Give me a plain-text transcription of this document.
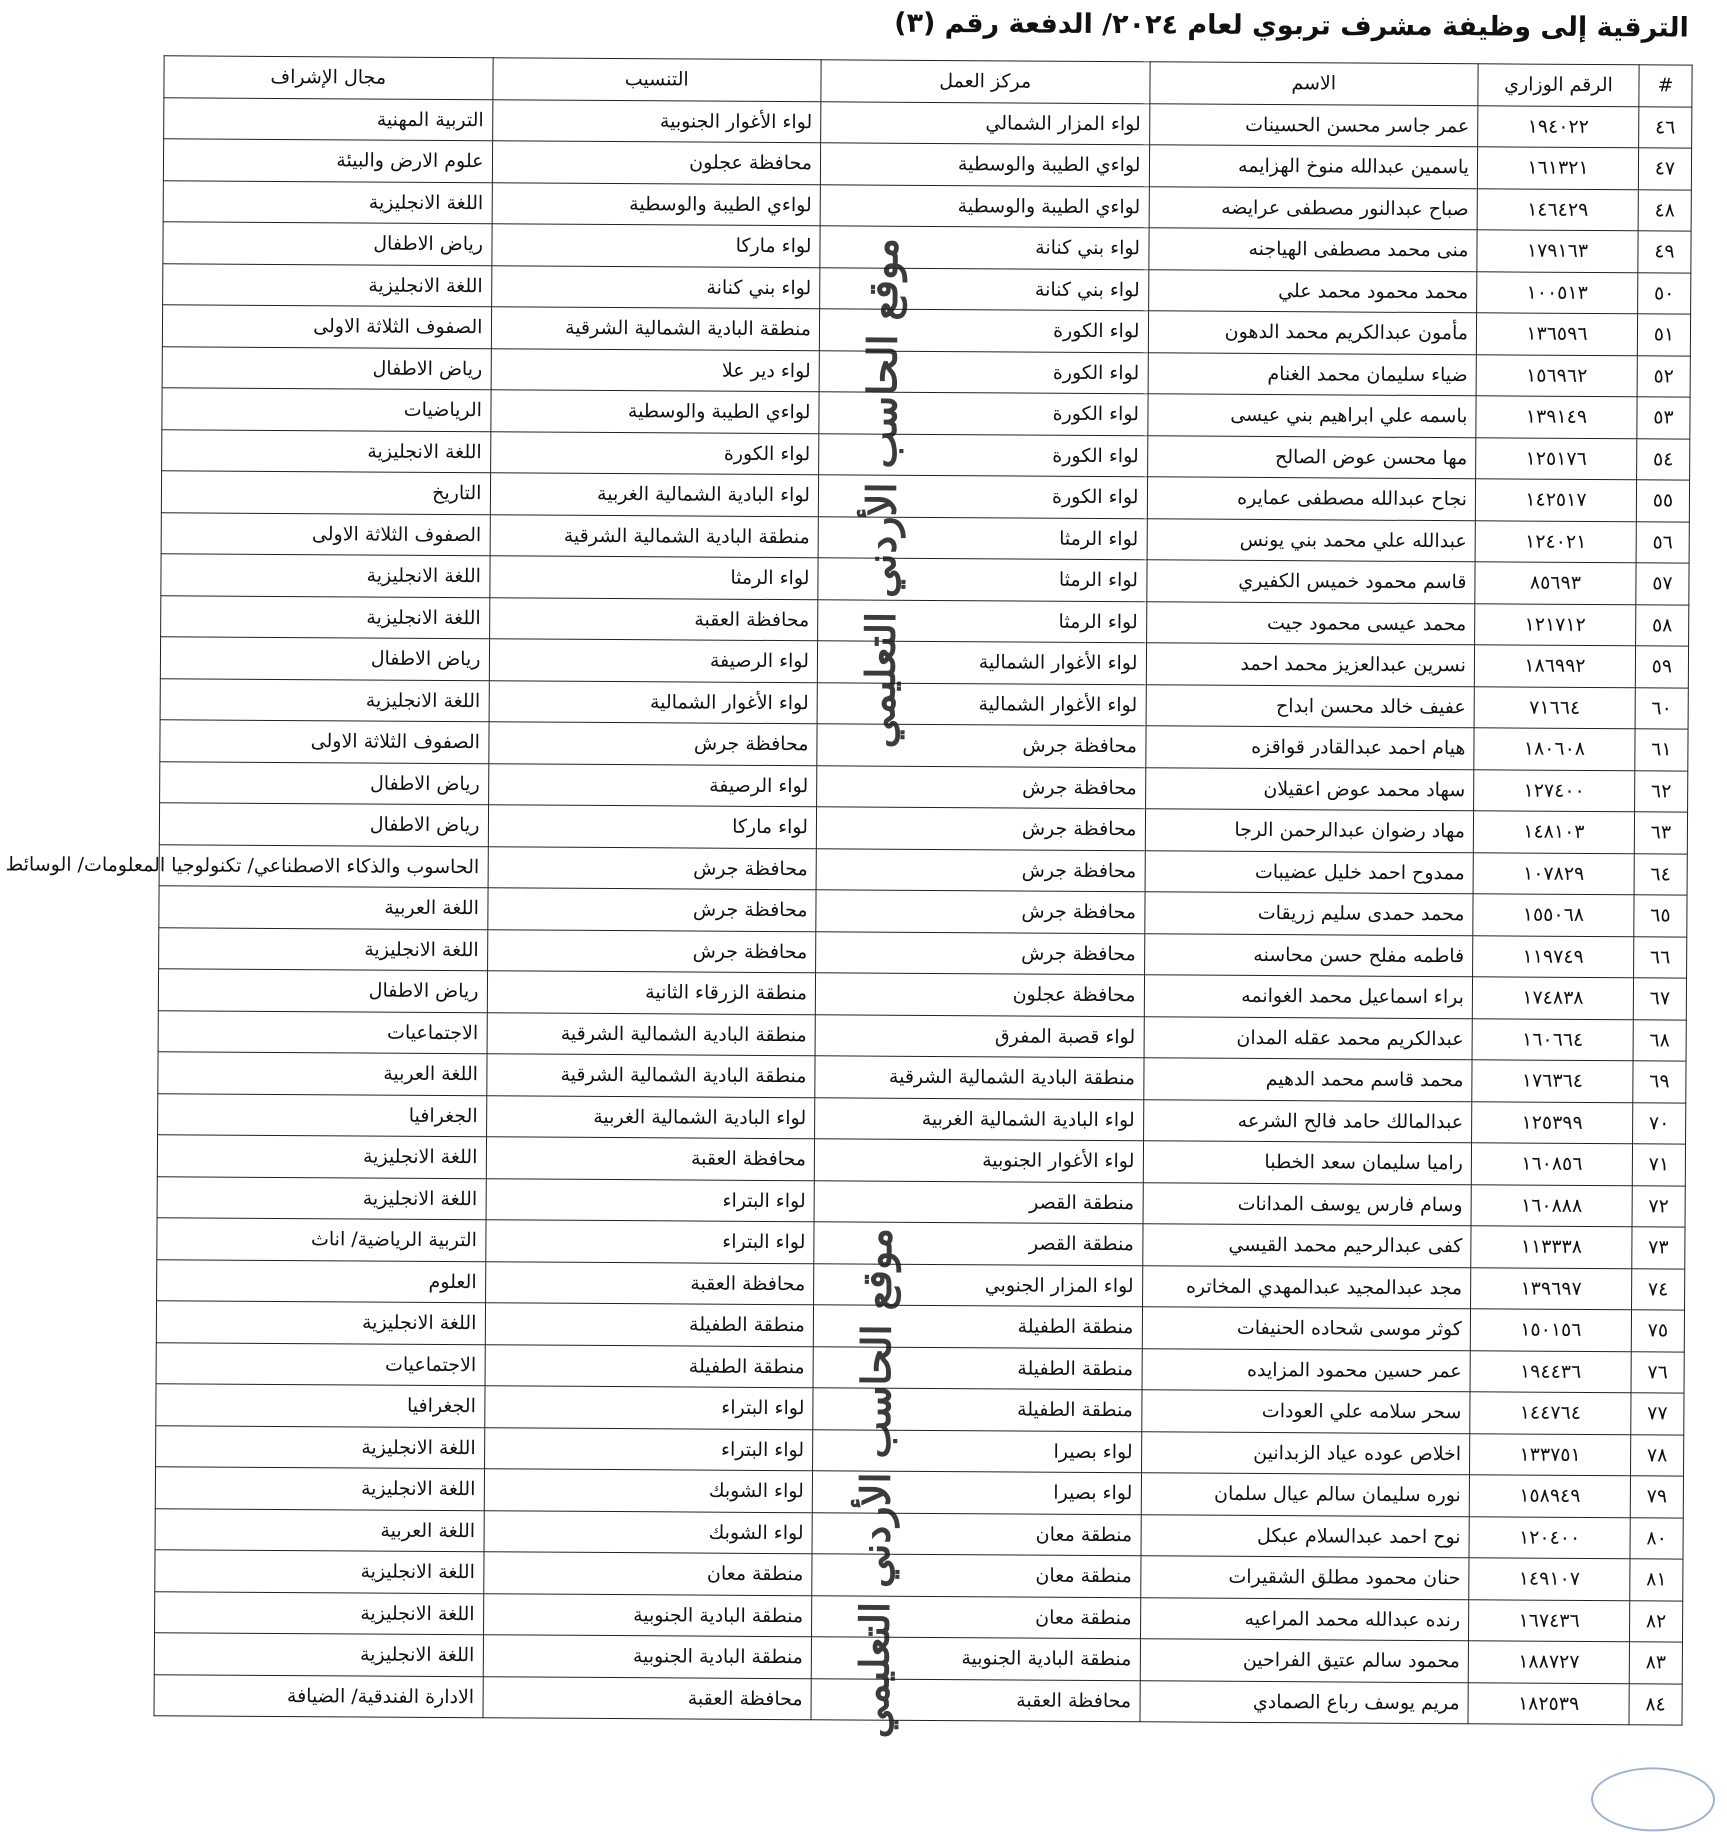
الترقية إلى وظيفة مشرف تربوي لعام ٢٠٢٤/ الدفعة رقم (٣)
#	الرقم الوزاري	الاسم	مركز العمل	التنسيب	مجال الإشراف
٤٦	١٩٤٠٢٢	عمر جاسر محسن الحسينات	لواء المزار الشمالي	لواء الأغوار الجنوبية	التربية المهنية
٤٧	١٦١٣٢١	ياسمين عبدالله منوخ الهزايمه	لواءي الطيبة والوسطية	محافظة عجلون	علوم الارض والبيئة
٤٨	١٤٦٤٢٩	صباح عبدالنور مصطفى عرايضه	لواءي الطيبة والوسطية	لواءي الطيبة والوسطية	اللغة الانجليزية
٤٩	١٧٩١٦٣	منى محمد مصطفى الهياجنه	لواء بني كنانة	لواء ماركا	رياض الاطفال
٥٠	١٠٠٥١٣	محمد محمود محمد علي	لواء بني كنانة	لواء بني كنانة	اللغة الانجليزية
٥١	١٣٦٥٩٦	مأمون عبدالكريم محمد الدهون	لواء الكورة	منطقة البادية الشمالية الشرقية	الصفوف الثلاثة الاولى
٥٢	١٥٦٩٦٢	ضياء سليمان محمد الغنام	لواء الكورة	لواء دير علا	رياض الاطفال
٥٣	١٣٩١٤٩	باسمه علي ابراهيم بني عيسى	لواء الكورة	لواءي الطيبة والوسطية	الرياضيات
٥٤	١٢٥١٧٦	مها محسن عوض الصالح	لواء الكورة	لواء الكورة	اللغة الانجليزية
٥٥	١٤٢٥١٧	نجاح عبدالله مصطفى عمايره	لواء الكورة	لواء البادية الشمالية الغربية	التاريخ
٥٦	١٢٤٠٢١	عبدالله علي محمد بني يونس	لواء الرمثا	منطقة البادية الشمالية الشرقية	الصفوف الثلاثة الاولى
٥٧	٨٥٦٩٣	قاسم محمود خميس الكفيري	لواء الرمثا	لواء الرمثا	اللغة الانجليزية
٥٨	١٢١٧١٢	محمد عيسى محمود جيت	لواء الرمثا	محافظة العقبة	اللغة الانجليزية
٥٩	١٨٦٩٩٢	نسرين عبدالعزيز محمد احمد	لواء الأغوار الشمالية	لواء الرصيفة	رياض الاطفال
٦٠	٧١٦٦٤	عفيف خالد محسن ابداح	لواء الأغوار الشمالية	لواء الأغوار الشمالية	اللغة الانجليزية
٦١	١٨٠٦٠٨	هيام احمد عبدالقادر قواقزه	محافظة جرش	محافظة جرش	الصفوف الثلاثة الاولى
٦٢	١٢٧٤٠٠	سهاد محمد عوض اعقيلان	محافظة جرش	لواء الرصيفة	رياض الاطفال
٦٣	١٤٨١٠٣	مهاد رضوان عبدالرحمن الرجا	محافظة جرش	لواء ماركا	رياض الاطفال
٦٤	١٠٧٨٢٩	ممدوح احمد خليل عضيبات	محافظة جرش	محافظة جرش	الحاسوب والذكاء الاصطناعي/ تكنولوجيا المعلومات/ الوسائط
٦٥	١٥٥٠٦٨	محمد حمدى سليم زريقات	محافظة جرش	محافظة جرش	اللغة العربية
٦٦	١١٩٧٤٩	فاطمه مفلح حسن محاسنه	محافظة جرش	محافظة جرش	اللغة الانجليزية
٦٧	١٧٤٨٣٨	براء اسماعيل محمد الغوانمه	محافظة عجلون	منطقة الزرقاء الثانية	رياض الاطفال
٦٨	١٦٠٦٦٤	عبدالكريم محمد عقله المدان	لواء قصبة المفرق	منطقة البادية الشمالية الشرقية	الاجتماعيات
٦٩	١٧٦٣٦٤	محمد قاسم محمد الدهيم	منطقة البادية الشمالية الشرقية	منطقة البادية الشمالية الشرقية	اللغة العربية
٧٠	١٢٥٣٩٩	عبدالمالك حامد فالح الشرعه	لواء البادية الشمالية الغربية	لواء البادية الشمالية الغربية	الجغرافيا
٧١	١٦٠٨٥٦	راميا سليمان سعد الخطبا	لواء الأغوار الجنوبية	محافظة العقبة	اللغة الانجليزية
٧٢	١٦٠٨٨٨	وسام فارس يوسف المدانات	منطقة القصر	لواء البتراء	اللغة الانجليزية
٧٣	١١٣٣٣٨	كفى عبدالرحيم محمد القيسي	منطقة القصر	لواء البتراء	التربية الرياضية/ اناث
٧٤	١٣٩٦٩٧	مجد عبدالمجيد عبدالمهدي المخاتره	لواء المزار الجنوبي	محافظة العقبة	العلوم
٧٥	١٥٠١٥٦	كوثر موسى شحاده الحنيفات	منطقة الطفيلة	منطقة الطفيلة	اللغة الانجليزية
٧٦	١٩٤٤٣٦	عمر حسين محمود المزايده	منطقة الطفيلة	منطقة الطفيلة	الاجتماعيات
٧٧	١٤٤٧٦٤	سحر سلامه علي العودات	منطقة الطفيلة	لواء البتراء	الجغرافيا
٧٨	١٣٣٧٥١	اخلاص عوده عياد الزبدانين	لواء بصيرا	لواء البتراء	اللغة الانجليزية
٧٩	١٥٨٩٤٩	نوره سليمان سالم عيال سلمان	لواء بصيرا	لواء الشوبك	اللغة الانجليزية
٨٠	١٢٠٤٠٠	نوح احمد عبدالسلام عبكل	منطقة معان	لواء الشوبك	اللغة العربية
٨١	١٤٩١٠٧	حنان محمود مطلق الشقيرات	منطقة معان	منطقة معان	اللغة الانجليزية
٨٢	١٦٧٤٣٦	رنده عبدالله محمد المراعيه	منطقة معان	منطقة البادية الجنوبية	اللغة الانجليزية
٨٣	١٨٨٧٢٧	محمود سالم عتيق الفراحين	منطقة البادية الجنوبية	منطقة البادية الجنوبية	اللغة الانجليزية
٨٤	١٨٢٥٣٩	مريم يوسف رباع الصمادي	محافظة العقبة	محافظة العقبة	الادارة الفندقية/ الضيافة
موقع الحاسب الأردني التعليمي
موقع الحاسب الأردني التعليمي
